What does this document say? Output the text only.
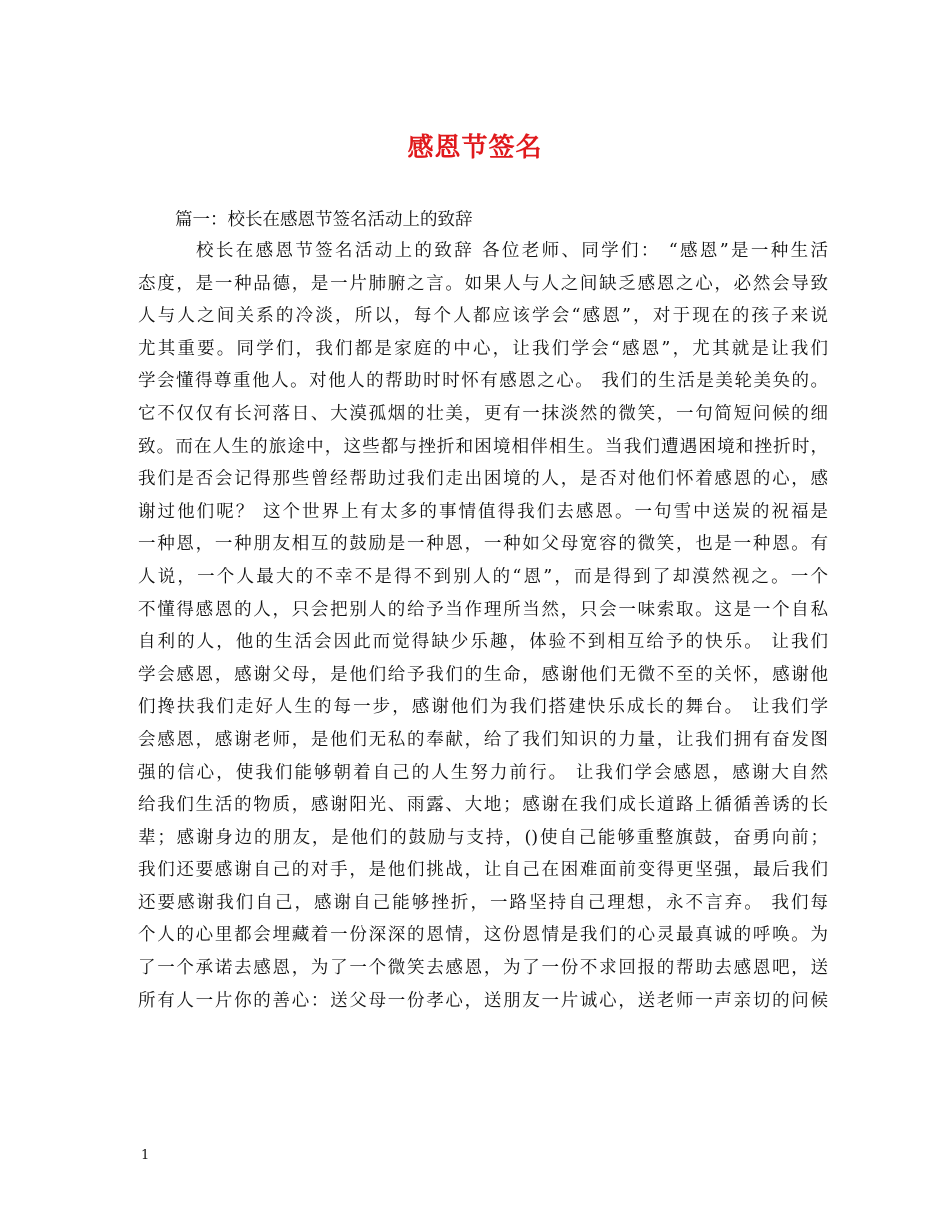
感恩节签名
篇一：校长在感恩节签名活动上的致辞
校长在感恩节签名活动上的致辞 各位老师、同学们： “感恩”是一种生活
态度，是一种品德，是一片肺腑之言。如果人与人之间缺乏感恩之心，必然会导致
人与人之间关系的冷淡，所以，每个人都应该学会“感恩”，对于现在的孩子来说
尤其重要。同学们，我们都是家庭的中心，让我们学会“感恩”，尤其就是让我们
学会懂得尊重他人。对他人的帮助时时怀有感恩之心。 我们的生活是美轮美奂的。
它不仅仅有长河落日、大漠孤烟的壮美，更有一抹淡然的微笑，一句简短问候的细
致。而在人生的旅途中，这些都与挫折和困境相伴相生。当我们遭遇困境和挫折时，
我们是否会记得那些曾经帮助过我们走出困境的人，是否对他们怀着感恩的心，感
谢过他们呢？ 这个世界上有太多的事情值得我们去感恩。一句雪中送炭的祝福是
一种恩，一种朋友相互的鼓励是一种恩，一种如父母宽容的微笑，也是一种恩。有
人说，一个人最大的不幸不是得不到别人的“恩”，而是得到了却漠然视之。一个
不懂得感恩的人，只会把别人的给予当作理所当然，只会一味索取。这是一个自私
自利的人，他的生活会因此而觉得缺少乐趣，体验不到相互给予的快乐。 让我们
学会感恩，感谢父母，是他们给予我们的生命，感谢他们无微不至的关怀，感谢他
们搀扶我们走好人生的每一步，感谢他们为我们搭建快乐成长的舞台。 让我们学
会感恩，感谢老师，是他们无私的奉献，给了我们知识的力量，让我们拥有奋发图
强的信心，使我们能够朝着自己的人生努力前行。 让我们学会感恩，感谢大自然
给我们生活的物质，感谢阳光、雨露、大地；感谢在我们成长道路上循循善诱的长
辈；感谢身边的朋友，是他们的鼓励与支持，()使自己能够重整旗鼓，奋勇向前；
我们还要感谢自己的对手，是他们挑战，让自己在困难面前变得更坚强，最后我们
还要感谢我们自己，感谢自己能够挫折，一路坚持自己理想，永不言弃。 我们每
个人的心里都会埋藏着一份深深的恩情，这份恩情是我们的心灵最真诚的呼唤。为
了一个承诺去感恩，为了一个微笑去感恩，为了一份不求回报的帮助去感恩吧，送
所有人一片你的善心：送父母一份孝心，送朋友一片诚心，送老师一声亲切的问候
1
